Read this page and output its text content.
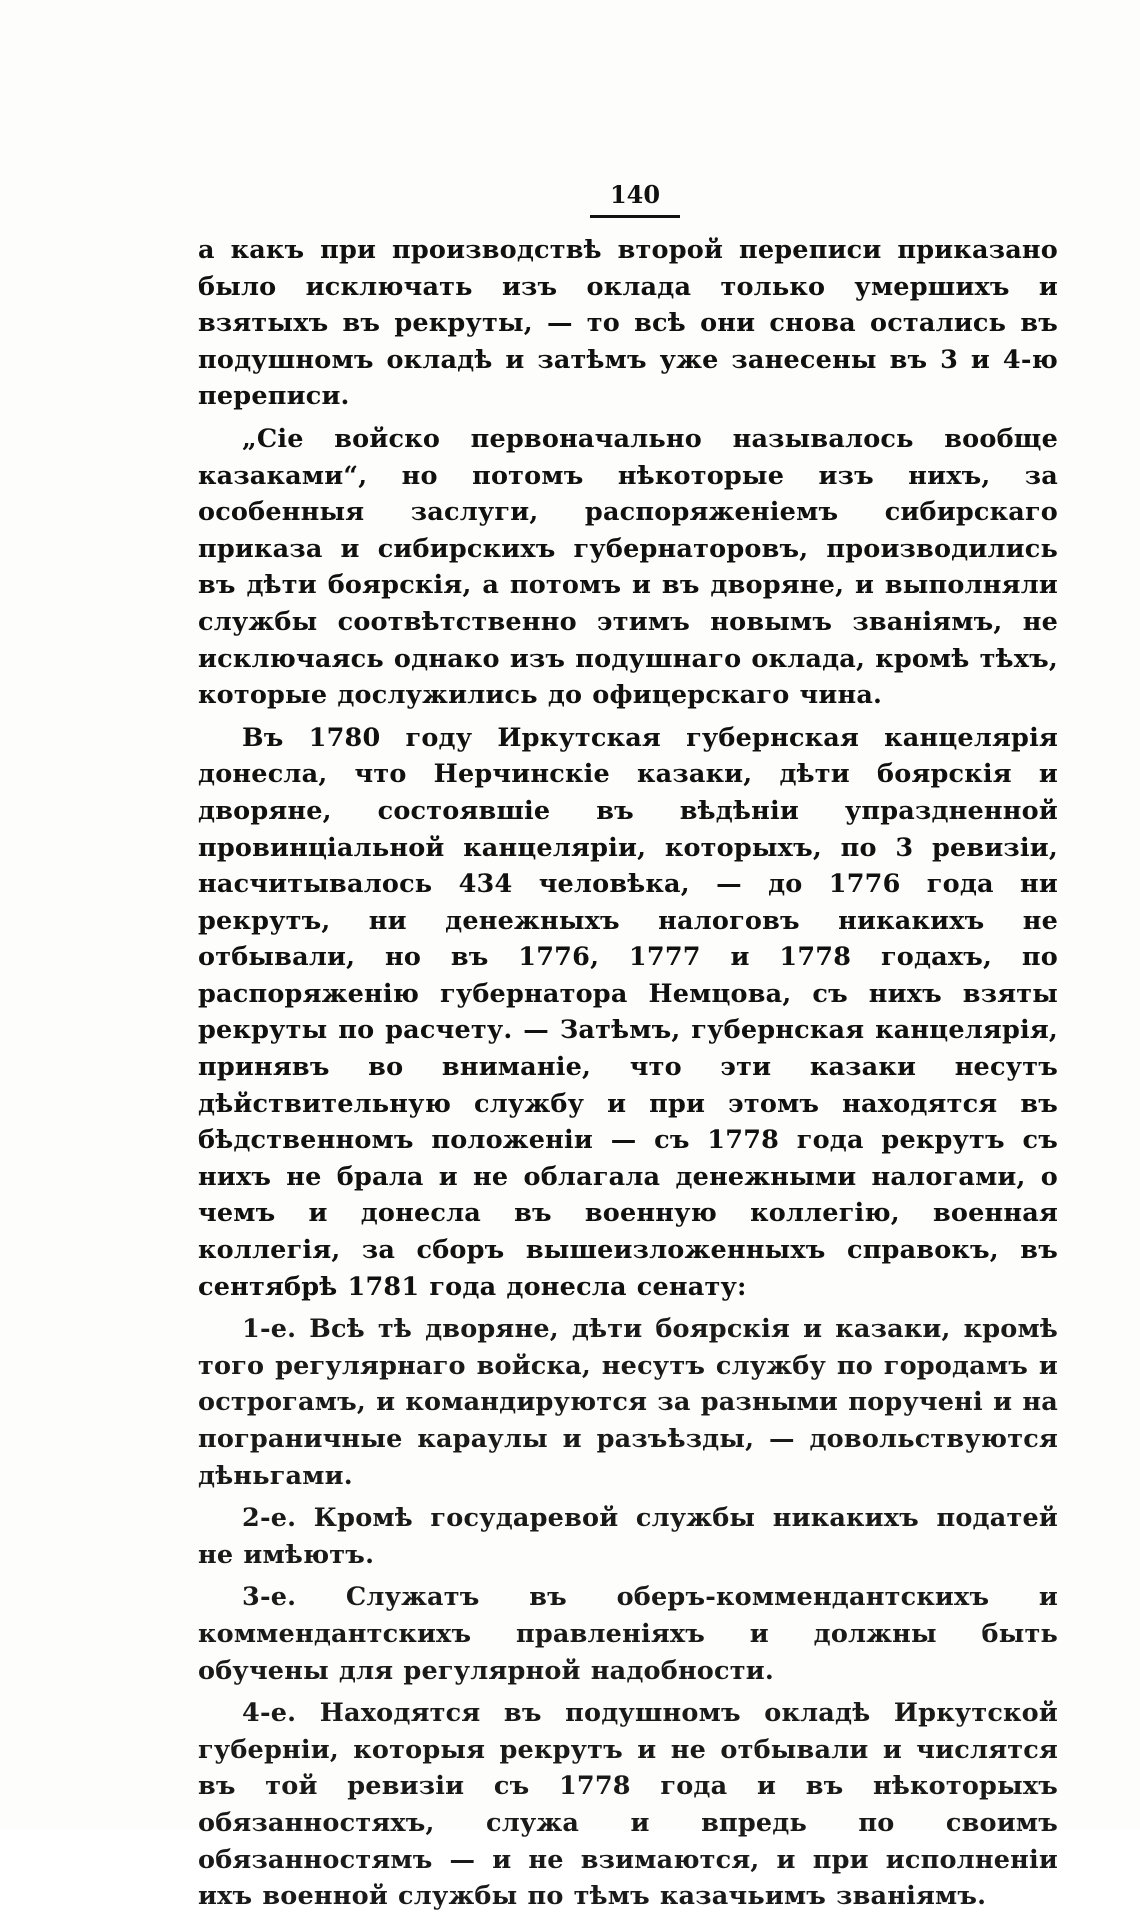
140

а какъ при производствѣ второй переписи приказано было исключать изъ оклада только умершихъ и взятыхъ въ рекруты, — то всѣ они снова остались въ подушномъ окладѣ и затѣмъ уже занесены въ 3 и 4-ю переписи.

„Сіе войско первоначально называлось вообще казаками“, но потомъ нѣкоторые изъ нихъ, за особенныя заслуги, распоряженіемъ сибирскаго приказа и сибирскихъ губернаторовъ, производились въ дѣти боярскія, а потомъ и въ дворяне, и выполняли службы соотвѣтственно этимъ новымъ званіямъ, не исключаясь однако изъ подушнаго оклада, кромѣ тѣхъ, которые дослужились до офицерскаго чина.

Въ 1780 году Иркутская губернская канцелярія донесла, что Нерчинскіе казаки, дѣти боярскія и дворяне, состоявшіе въ вѣдѣніи упраздненной провинціальной канцеляріи, которыхъ, по 3 ревизіи, насчитывалось 434 человѣка, — до 1776 года ни рекрутъ, ни денежныхъ налоговъ никакихъ не отбывали, но въ 1776, 1777 и 1778 годахъ, по распоряженію губернатора Немцова, съ нихъ взяты рекруты по расчету. — Затѣмъ, губернская канцелярія, принявъ во вниманіе, что эти казаки несутъ дѣйствительную службу и при этомъ находятся въ бѣдственномъ положеніи — съ 1778 года рекрутъ съ нихъ не брала и не облагала денежными налогами, о чемъ и донесла въ военную коллегію, военная коллегія, за сборъ вышеизложенныхъ справокъ, въ сентябрѣ 1781 года донесла сенату:

1-е. Всѣ тѣ дворяне, дѣти боярскія и казаки, кромѣ того регулярнаго войска, несутъ службу по городамъ и острогамъ, и командируются за разными поручені и на пограничные караулы и разъѣзды, — довольствуются дѣньгами.

2-е. Кромѣ государевой службы никакихъ податей не имѣютъ.

3-е. Служатъ въ оберъ-коммендантскихъ и коммендантскихъ правленіяхъ и должны быть обучены для регулярной надобности.

4-е. Находятся въ подушномъ окладѣ Иркутской губерніи, которыя рекрутъ и не отбывали и числятся въ той ревизіи съ 1778 года и въ нѣкоторыхъ обязанностяхъ, служа и впредь по своимъ обязанностямъ — и не взимаются, и при исполненіи ихъ военной службы по тѣмъ казачьимъ званіямъ.
